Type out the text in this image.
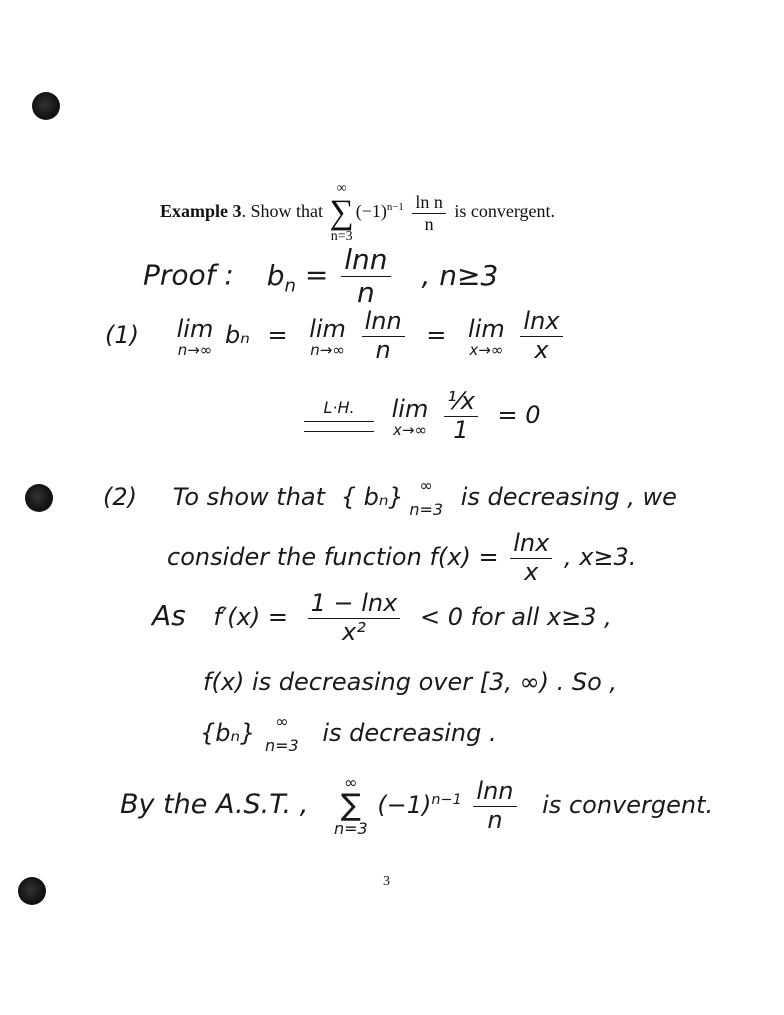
Example 3. Show that
∞
∑
n=3
$(-1)^{n-1} \frac{\text{ln n}}{n}$ is convergent.
Proof : $b_n = \frac{\ln n}{n}$ , n≥3
(1) lim
n→∞
bₙ = lim
n→∞
$\frac{\ln n}{n} = \lim$
x→∞
$\frac{\ln x}{x}$
L·H.
lim
x→∞
$\frac{\text{¹⁄x}}{1} = 0$
(2) To show that { bₙ} ∞
n=3 is decreasing , we
consider the function $f(x) = \frac{\ln x}{x}$ , x≥3.
As $f'(x) = \frac{1 - \ln x}{\text{x²}} < 0$ for all x≥3 ,
f(x) is decreasing over [3, ∞) . So ,
{bₙ} ∞
n=3 is decreasing .
By the A.S.T. ,
∞
∑
n=3
$(-1)^{n-1} \frac{\ln n}{n}$ is convergent.
3
